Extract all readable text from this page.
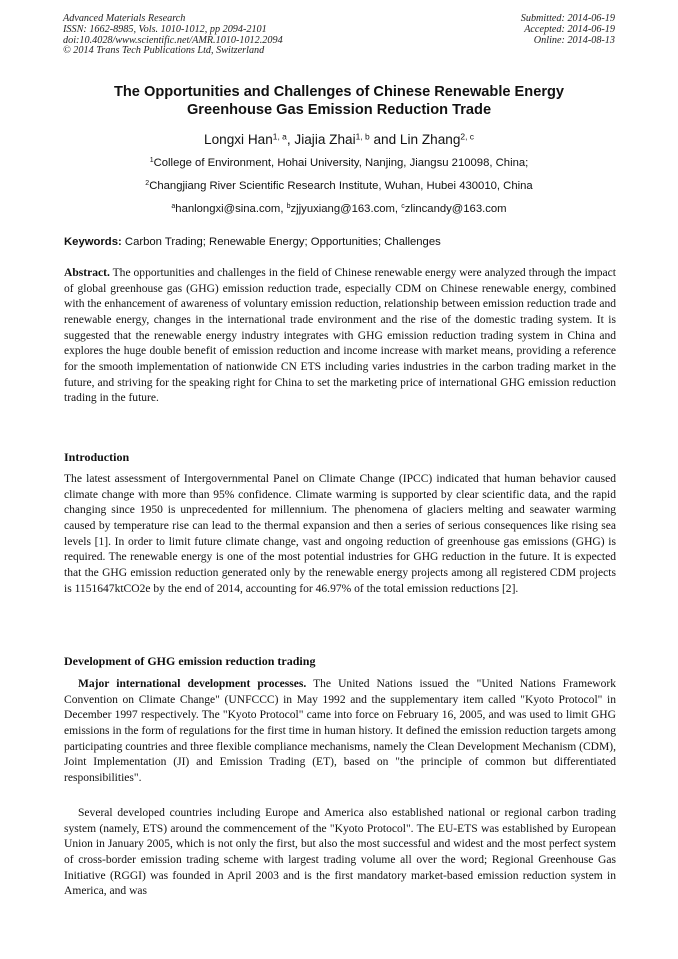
Advanced Materials Research
ISSN: 1662-8985, Vols. 1010-1012, pp 2094-2101
doi:10.4028/www.scientific.net/AMR.1010-1012.2094
© 2014 Trans Tech Publications Ltd, Switzerland
Submitted: 2014-06-19
Accepted: 2014-06-19
Online: 2014-08-13
The Opportunities and Challenges of Chinese Renewable Energy
Greenhouse Gas Emission Reduction Trade
Longxi Han$^{1, a}$, Jiajia Zhai$^{1, b}$ and Lin Zhang$^{2, c}$
$^1$College of Environment, Hohai University, Nanjing, Jiangsu 210098, China;
$^2$Changjiang River Scientific Research Institute, Wuhan, Hubei 430010, China
$^a$hanlongxi@sina.com, $^b$zjjyuxiang@163.com, $^c$zlincandy@163.com
Keywords: Carbon Trading; Renewable Energy; Opportunities; Challenges
Abstract. The opportunities and challenges in the field of Chinese renewable energy were analyzed through the impact of global greenhouse gas (GHG) emission reduction trade, especially CDM on Chinese renewable energy, combined with the enhancement of awareness of voluntary emission reduction, relationship between emission reduction trade and renewable energy, changes in the international trade environment and the rise of the domestic trading system. It is suggested that the renewable energy industry integrates with GHG emission reduction trading system in China and explores the huge double benefit of emission reduction and income increase with market means, providing a reference for the smooth implementation of nationwide CN ETS including varies industries in the carbon trading market in the future, and striving for the speaking right for China to set the marketing price of international GHG emission reduction trading in the future.
Introduction
The latest assessment of Intergovernmental Panel on Climate Change (IPCC) indicated that human behavior caused climate change with more than 95% confidence. Climate warming is supported by clear scientific data, and the rapid changing since 1950 is unprecedented for millennium. The phenomena of glaciers melting and seawater warming caused by temperature rise can lead to the thermal expansion and then a series of serious consequences like rising sea levels [1]. In order to limit future climate change, vast and ongoing reduction of greenhouse gas emissions (GHG) is required. The renewable energy is one of the most potential industries for GHG reduction in the future. It is expected that the GHG emission reduction generated only by the renewable energy projects among all registered CDM projects is 1151647ktCO2e by the end of 2014, accounting for 46.97% of the total emission reductions [2].
Development of GHG emission reduction trading
Major international development processes. The United Nations issued the "United Nations Framework Convention on Climate Change" (UNFCCC) in May 1992 and the supplementary item called "Kyoto Protocol" in December 1997 respectively. The "Kyoto Protocol" came into force on February 16, 2005, and was used to limit GHG emissions in the form of regulations for the first time in human history. It defined the emission reduction targets among participating countries and three flexible compliance mechanisms, namely the Clean Development Mechanism (CDM), Joint Implementation (JI) and Emission Trading (ET), based on "the principle of common but differentiated responsibilities".
Several developed countries including Europe and America also established national or regional carbon trading system (namely, ETS) around the commencement of the "Kyoto Protocol". The EU-ETS was established by European Union in January 2005, which is not only the first, but also the most successful and widest and the most perfect system of cross-border emission trading scheme with largest trading volume all over the word; Regional Greenhouse Gas Initiative (RGGI) was founded in April 2003 and is the first mandatory market-based emission reduction system in America, and was
